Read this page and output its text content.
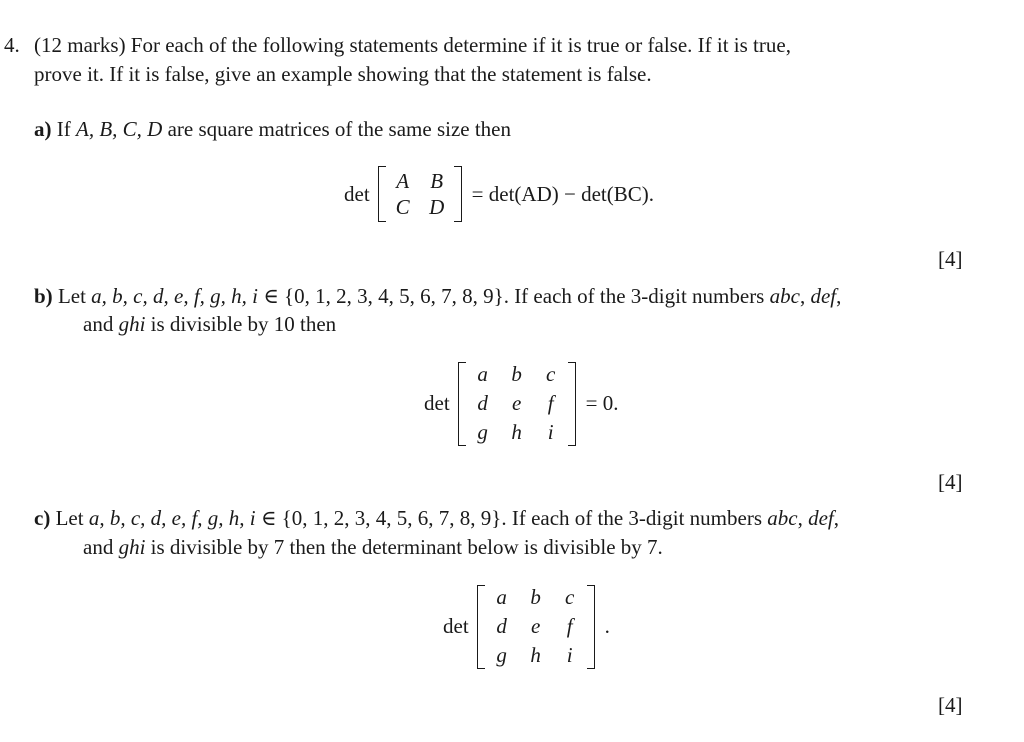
4. (12 marks) For each of the following statements determine if it is true or false. If it is true,
prove it. If it is false, give an example showing that the statement is false.
a) If A, B, C, D are square matrices of the same size then
det
A	B
C D
= det(AD) − det(BC).
[4]
b) Let a, b, c, d, e, f, g, h, i ∈ {0, 1, 2, 3, 4, 5, 6, 7, 8, 9}. If each of the 3-digit numbers abc, def,
and ghi is divisible by 10 then
det
a	b	c
d	e	f
g	h	i
= 0.
[4]
c) Let a, b, c, d, e, f, g, h, i ∈ {0, 1, 2, 3, 4, 5, 6, 7, 8, 9}. If each of the 3-digit numbers abc, def,
and ghi is divisible by 7 then the determinant below is divisible by 7.
det
a	b	c
d	e	f
g	h	i
.
[4]
